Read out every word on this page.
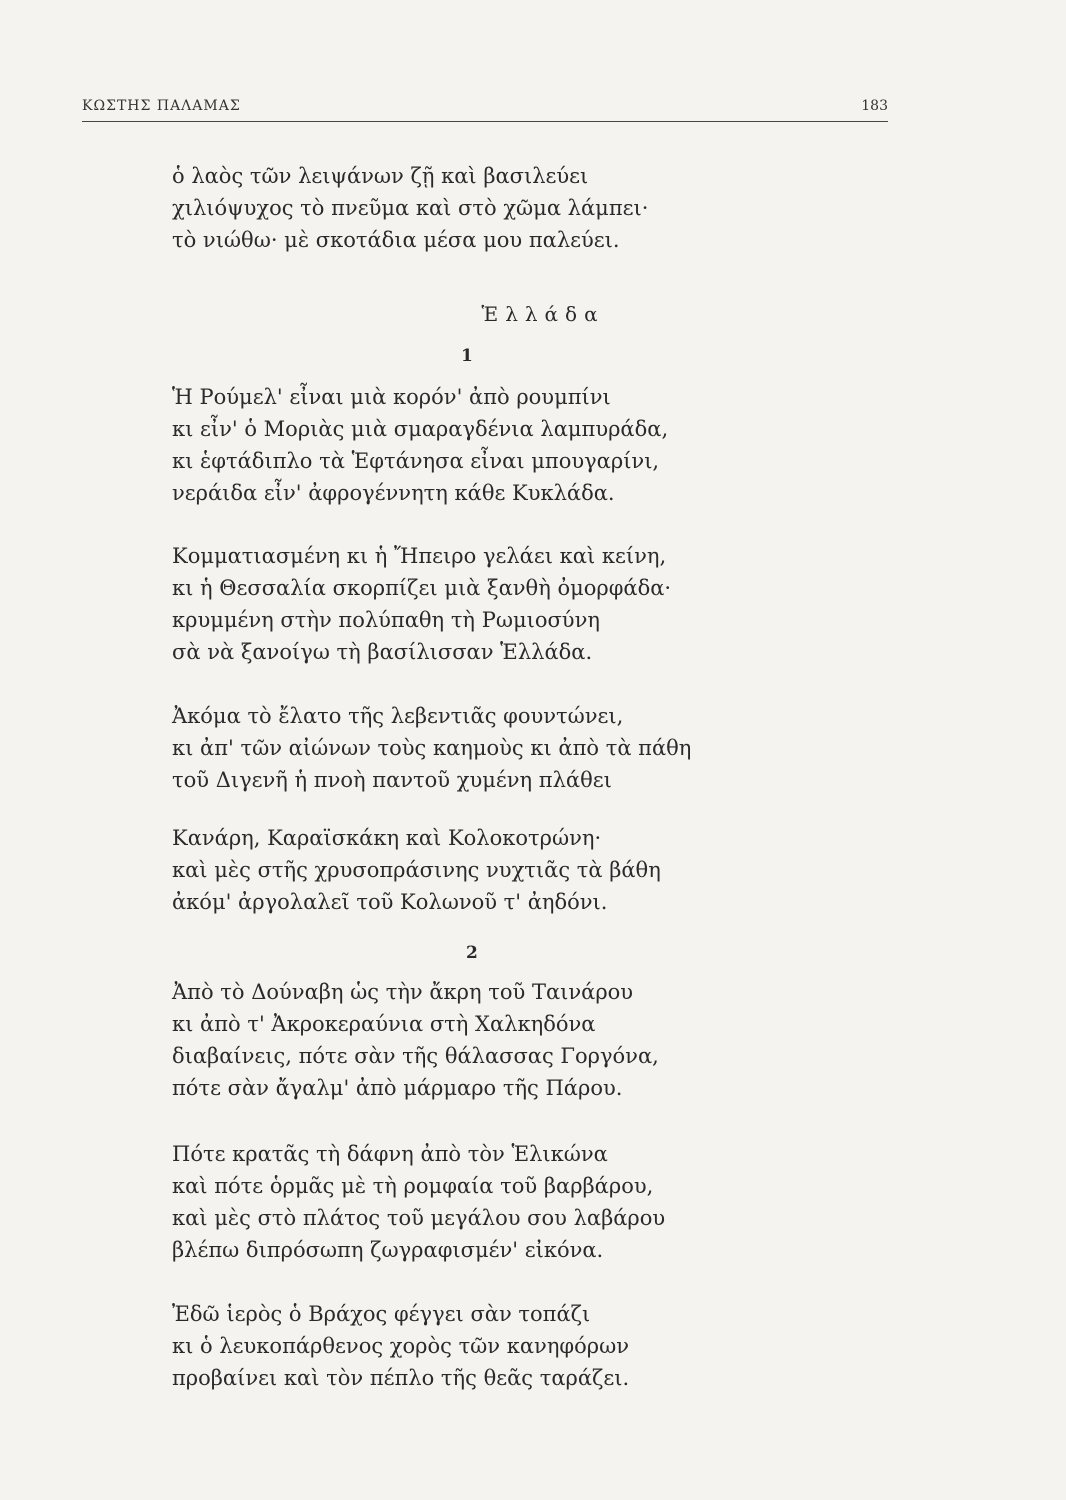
ΚΩΣΤΗΣ ΠΑΛΑΜΑΣ	183
ὁ λαὸς τῶν λειψάνων ζῇ καὶ βασιλεύει
χιλιόψυχος τὸ πνεῦμα καὶ στὸ χῶμα λάμπει·
τὸ νιώθω· μὲ σκοτάδια μέσα μου παλεύει.
Ἑλλάδα
1
Ἡ Ρούμελ' εἶναι μιὰ κορόν' ἀπὸ ρουμπίνι
κι εἶν' ὁ Μοριὰς μιὰ σμαραγδένια λαμπυράδα,
κι ἑφτάδιπλο τὰ Ἑφτάνησα εἶναι μπουγαρίνι,
νεράιδα εἶν' ἀφρογέννητη κάθε Κυκλάδα.
Κομματιασμένη κι ἡ Ἤπειρο γελάει καὶ κείνη,
κι ἡ Θεσσαλία σκορπίζει μιὰ ξανθὴ ὀμορφάδα·
κρυμμένη στὴν πολύπαθη τὴ Ρωμιοσύνη
σὰ νὰ ξανοίγω τὴ βασίλισσαν Ἑλλάδα.
Ἀκόμα τὸ ἔλατο τῆς λεβεντιᾶς φουντώνει,
κι ἀπ' τῶν αἰώνων τοὺς καημοὺς κι ἀπὸ τὰ πάθη
τοῦ Διγενῆ ἡ πνοὴ παντοῦ χυμένη πλάθει
Κανάρη, Καραϊσκάκη καὶ Κολοκοτρώνη·
καὶ μὲς στῆς χρυσοπράσινης νυχτιᾶς τὰ βάθη
ἀκόμ' ἀργολαλεῖ τοῦ Κολωνοῦ τ' ἀηδόνι.
2
Ἀπὸ τὸ Δούναβη ὡς τὴν ἄκρη τοῦ Ταινάρου
κι ἀπὸ τ' Ἀκροκεραύνια στὴ Χαλκηδόνα
διαβαίνεις, πότε σὰν τῆς θάλασσας Γοργόνα,
πότε σὰν ἄγαλμ' ἀπὸ μάρμαρο τῆς Πάρου.
Πότε κρατᾶς τὴ δάφνη ἀπὸ τὸν Ἑλικώνα
καὶ πότε ὁρμᾶς μὲ τὴ ρομφαία τοῦ βαρβάρου,
καὶ μὲς στὸ πλάτος τοῦ μεγάλου σου λαβάρου
βλέπω διπρόσωπη ζωγραφισμέν' εἰκόνα.
Ἐδῶ ἱερὸς ὁ Βράχος φέγγει σὰν τοπάζι
κι ὁ λευκοπάρθενος χορὸς τῶν κανηφόρων
προβαίνει καὶ τὸν πέπλο τῆς θεᾶς ταράζει.
